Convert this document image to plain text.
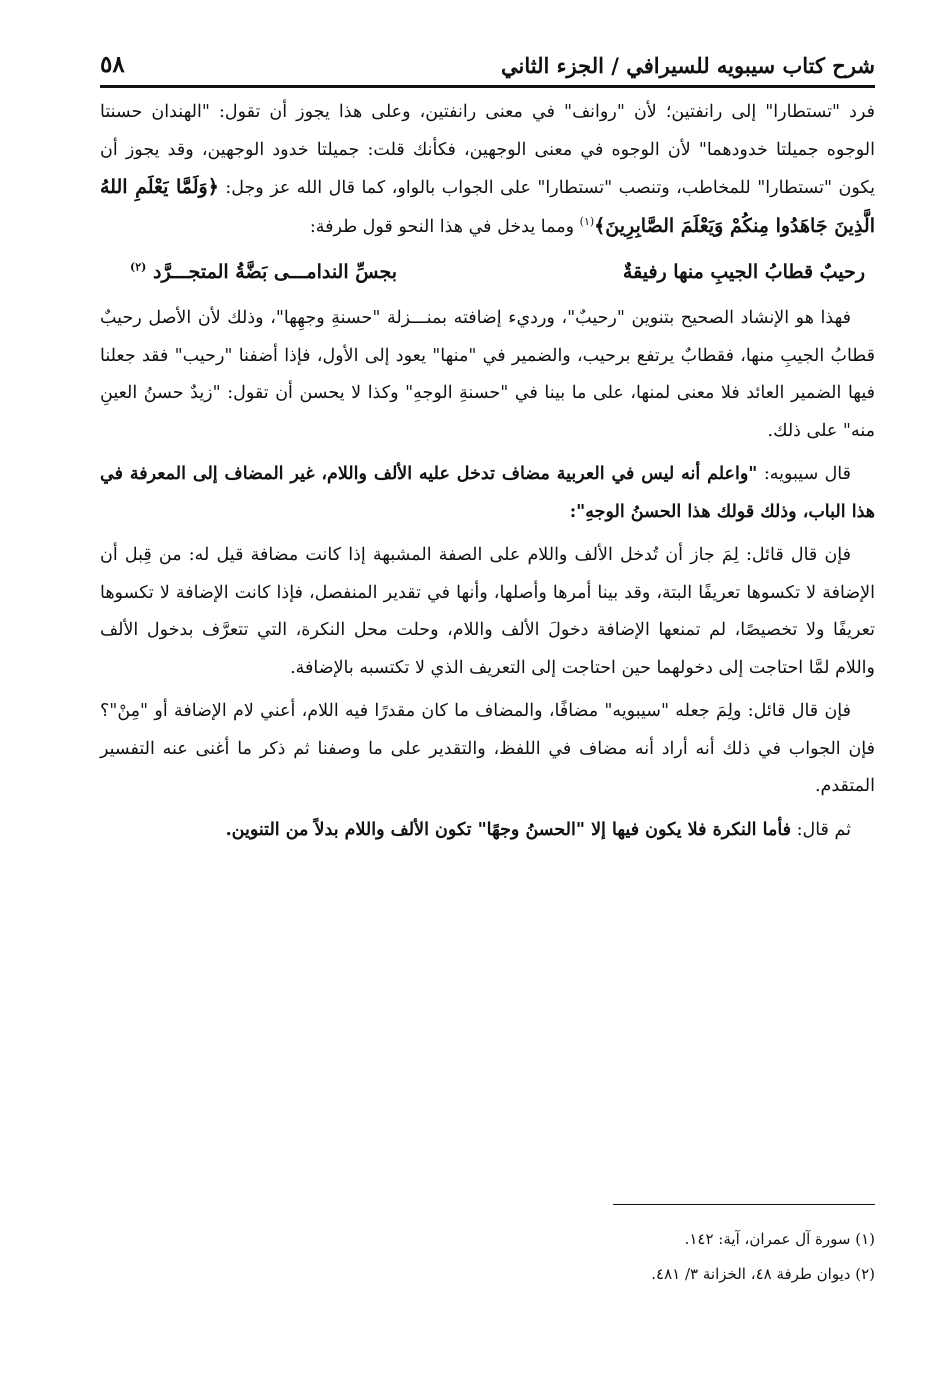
شرح كتاب سيبويه للسيرافي / الجزء الثاني
٥٨

فرد "تستطارا" إلى رانفتين؛ لأن "روانف" في معنى رانفتين، وعلى هذا يجوز أن تقول: "الهندان حسنتا الوجوه جميلتا خدودهما" لأن الوجوه في معنى الوجهين، فكأنك قلت: جميلتا خدود الوجهين، وقد يجوز أن يكون "تستطارا" للمخاطب، وتنصب "تستطارا" على الجواب بالواو، كما قال الله عز وجل: ﴿وَلَمَّا يَعْلَمِ اللهُ الَّذِينَ جَاهَدُوا مِنكُمْ وَيَعْلَمَ الصَّابِرِينَ﴾$^{(١)}$ ومما يدخل في هذا النحو قول طرفة:

رحيبٌ قطابُ الجيبِ منها رفيقةٌ
بجسِّ الندامـــى بَضَّةُ المتجـــرَّد $^{(٢)}$

فهذا هو الإنشاد الصحيح بتنوين "رحيبٌ"، ورديء إضافته بمنـــزلة "حسنةِ وجهِها"، وذلك لأن الأصل رحيبٌ قطابُ الجيبِ منها، فقطابٌ يرتفع برحيب، والضمير في "منها" يعود إلى الأول، فإذا أضفنا "رحيب" فقد جعلنا فيها الضمير العائد فلا معنى لمنها، على ما بينا في "حسنةِ الوجهِ" وكذا لا يحسن أن تقول: "زيدٌ حسنُ العينِ منه" على ذلك.

قال سيبويه: "واعلم أنه ليس في العربية مضاف تدخل عليه الألف واللام، غير المضاف إلى المعرفة في هذا الباب، وذلك قولك هذا الحسنُ الوجهِ":

فإن قال قائل: لِمَ جاز أن تُدخل الألف واللام على الصفة المشبهة إذا كانت مضافة قيل له: من قِبل أن الإضافة لا تكسوها تعريفًا البتة، وقد بينا أمرها وأصلها، وأنها في تقدير المنفصل، فإذا كانت الإضافة لا تكسوها تعريفًا ولا تخصيصًا، لم تمنعها الإضافة دخولَ الألف واللام، وحلت محل النكرة، التي تتعرَّف بدخول الألف واللام لمَّا احتاجت إلى دخولهما حين احتاجت إلى التعريف الذي لا تكتسبه بالإضافة.

فإن قال قائل: ولِمَ جعله "سيبويه" مضافًا، والمضاف ما كان مقدرًا فيه اللام، أعني لام الإضافة أو "مِنْ"؟ فإن الجواب في ذلك أنه أراد أنه مضاف في اللفظ، والتقدير على ما وصفنا ثم ذكر ما أغنى عنه التفسير المتقدم.

ثم قال: فأما النكرة فلا يكون فيها إلا "الحسنُ وجهًا" تكون الألف واللام بدلاً من التنوين.

(١) سورة آل عمران، آية: ١٤٢.
(٢) ديوان طرفة ٤٨، الخزانة ٣/ ٤٨١.
